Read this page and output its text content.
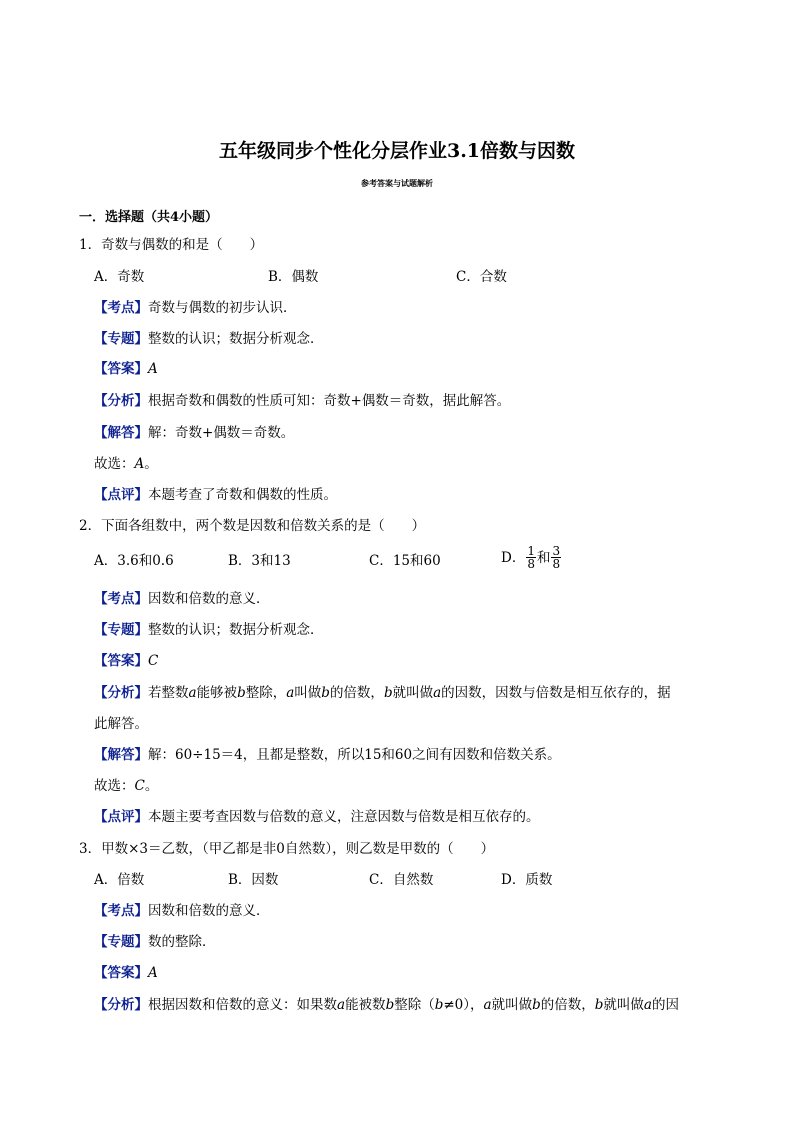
五年级同步个性化分层作业3.1倍数与因数
参考答案与试题解析
一．选择题（共4小题）
1．奇数与偶数的和是（　　）
A．奇数	B．偶数	C．合数
【考点】奇数与偶数的初步认识．
【专题】整数的认识；数据分析观念．
【答案】A
【分析】根据奇数和偶数的性质可知：奇数+偶数＝奇数，据此解答。
【解答】解：奇数+偶数＝奇数。
故选：A。
【点评】本题考查了奇数和偶数的性质。
2．下面各组数中，两个数是因数和倍数关系的是（　　）
A．3.6和0.6	B．3和13	C．15和60	D． $\frac{1}{8}$ 和 $\frac{3}{8}$
【考点】因数和倍数的意义．
【专题】整数的认识；数据分析观念．
【答案】C
【分析】若整数a能够被b整除，a叫做b的倍数，b就叫做a的因数，因数与倍数是相互依存的，据
此解答。
【解答】解：60÷15＝4，且都是整数，所以15和60之间有因数和倍数关系。
故选：C。
【点评】本题主要考查因数与倍数的意义，注意因数与倍数是相互依存的。
3．甲数×3＝乙数，（甲乙都是非0自然数），则乙数是甲数的（　　）
A．倍数	B．因数	C．自然数	D．质数
【考点】因数和倍数的意义．
【专题】数的整除．
【答案】A
【分析】根据因数和倍数的意义：如果数a能被数b整除（b≠0），a就叫做b的倍数，b就叫做a的因
